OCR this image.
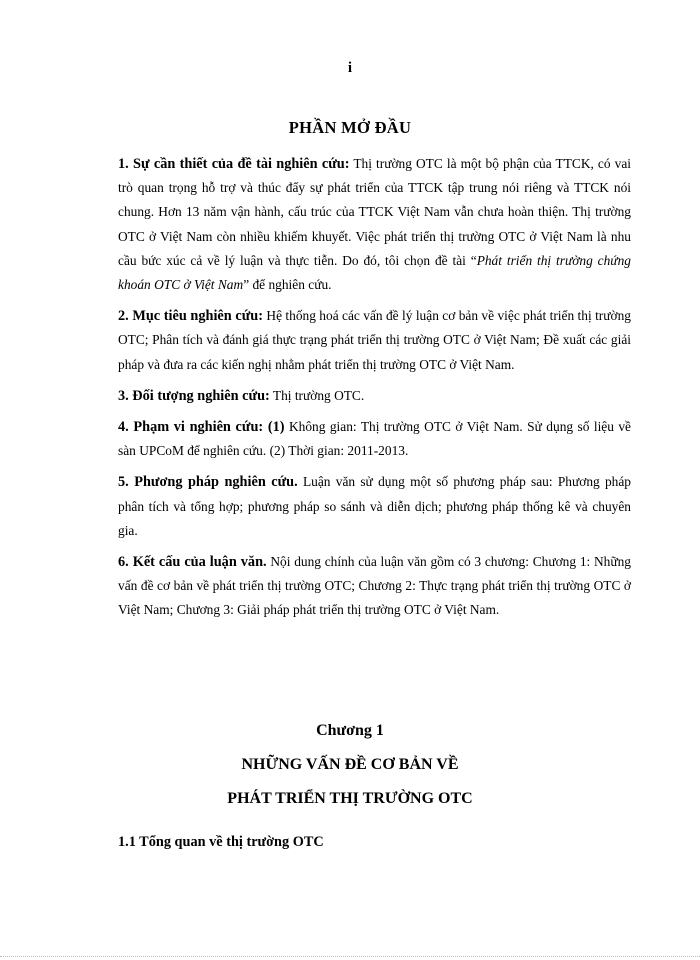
i
PHẦN MỞ ĐẦU

1. Sự cần thiết của đề tài nghiên cứu: Thị trường OTC là một bộ phận của TTCK, có vai trò quan trọng hỗ trợ và thúc đẩy sự phát triển của TTCK tập trung nói riêng và TTCK nói chung. Hơn 13 năm vận hành, cấu trúc của TTCK Việt Nam vẫn chưa hoàn thiện. Thị trường OTC ở Việt Nam còn nhiều khiếm khuyết. Việc phát triển thị trường OTC ở Việt Nam là nhu cầu bức xúc cả về lý luận và thực tiễn. Do đó, tôi chọn đề tài “Phát triển thị trường chứng khoán OTC ở Việt Nam” để nghiên cứu.

2. Mục tiêu nghiên cứu: Hệ thống hoá các vấn đề lý luận cơ bản về việc phát triển thị trường OTC; Phân tích và đánh giá thực trạng phát triển thị trường OTC ở Việt Nam; Đề xuất các giải pháp và đưa ra các kiến nghị nhằm phát triển thị trường OTC ở Việt Nam.

3. Đối tượng nghiên cứu: Thị trường OTC.

4. Phạm vi nghiên cứu: (1) Không gian: Thị trường OTC ở Việt Nam. Sử dụng số liệu về sàn UPCoM để nghiên cứu. (2) Thời gian: 2011-2013.

5. Phương pháp nghiên cứu. Luận văn sử dụng một số phương pháp sau: Phương pháp phân tích và tổng hợp; phương pháp so sánh và diễn dịch; phương pháp thống kê và chuyên gia.

6. Kết cấu của luận văn. Nội dung chính của luận văn gồm có 3 chương: Chương 1: Những vấn đề cơ bản về phát triển thị trường OTC; Chương 2: Thực trạng phát triển thị trường OTC ở Việt Nam; Chương 3: Giải pháp phát triển thị trường OTC ở Việt Nam.

Chương 1
NHỮNG VẤN ĐỀ CƠ BẢN VỀ
PHÁT TRIỂN THỊ TRƯỜNG OTC
1.1 Tổng quan về thị trường OTC
